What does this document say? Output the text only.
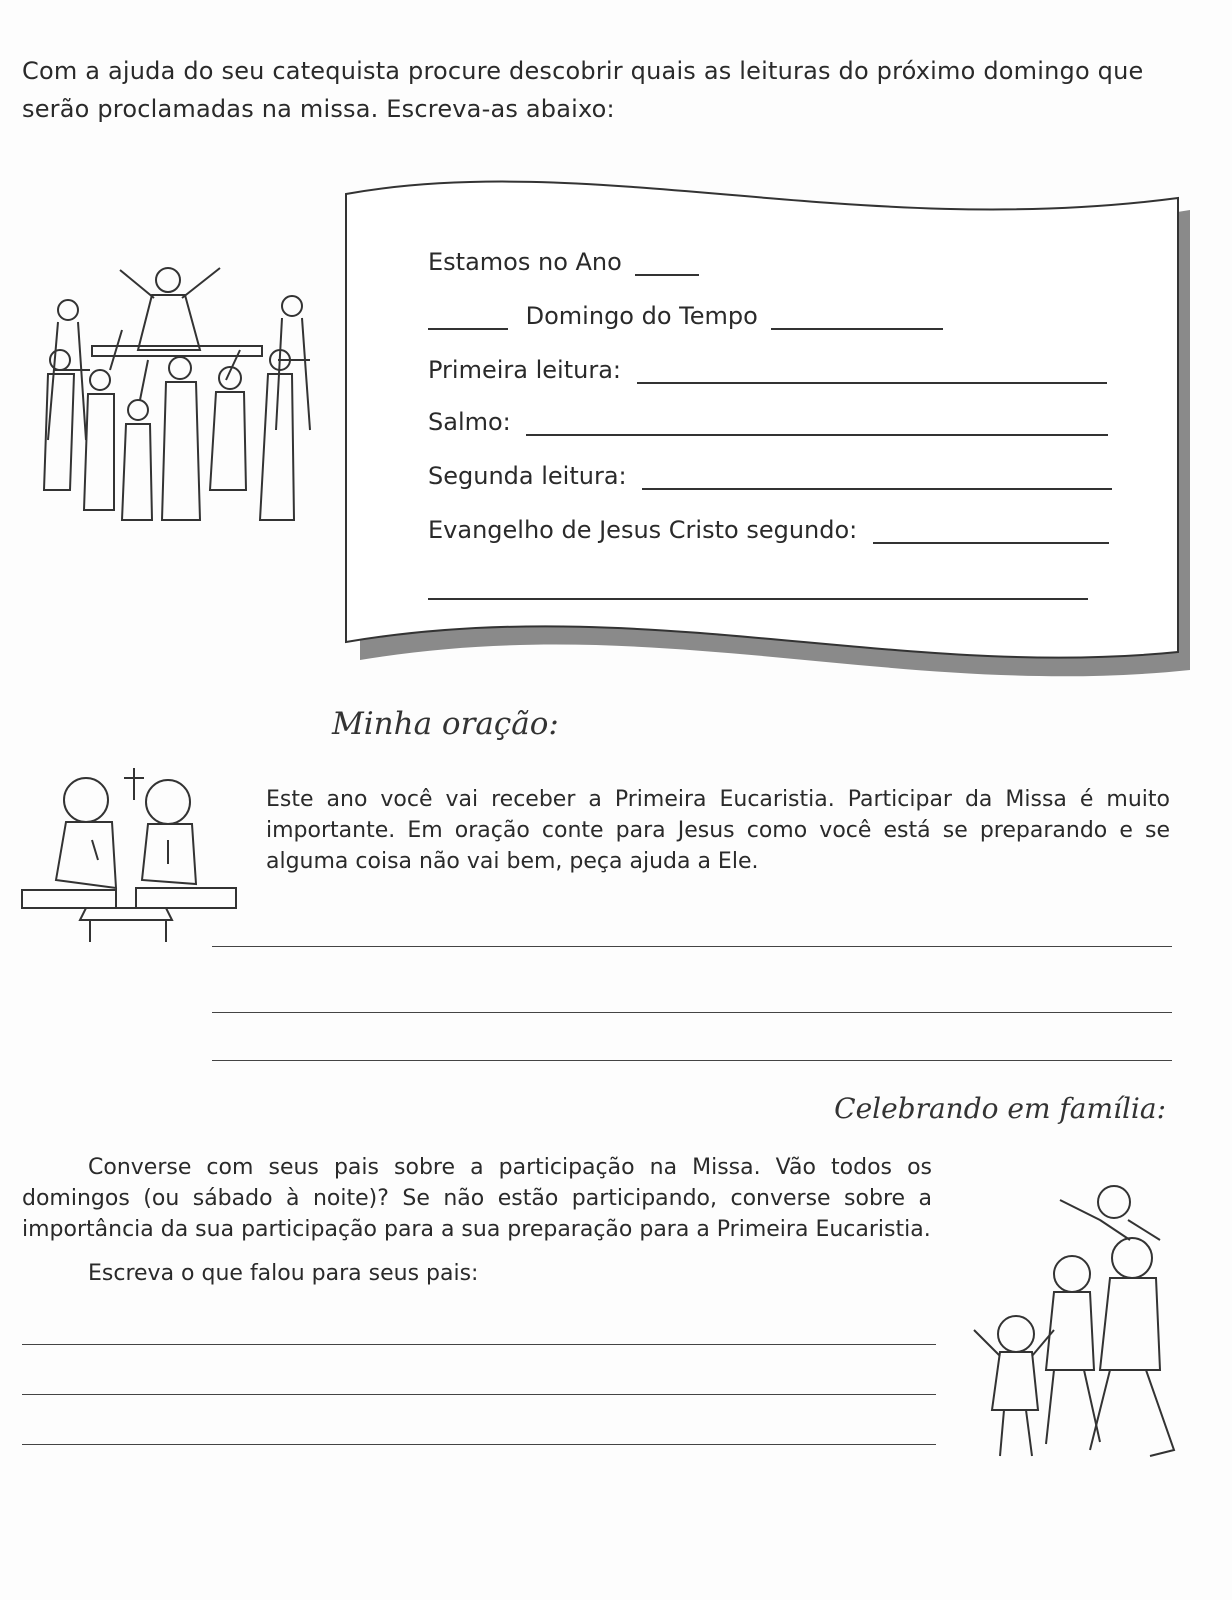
Com a ajuda do seu catequista procure descobrir quais as leituras do próximo domingo que serão proclamadas na missa. Escreva-as abaixo:
Estamos no Ano
Domingo do Tempo
Primeira leitura:
Salmo:
Segunda leitura:
Evangelho de Jesus Cristo segundo:
Minha oração:
Este ano você vai receber a Primeira Eucaristia. Participar da Missa é muito importante. Em oração conte para Jesus como você está se preparando e se alguma coisa não vai bem, peça ajuda a Ele.
Celebrando em família:
Converse com seus pais sobre a participação na Missa. Vão todos os domingos (ou sábado à noite)? Se não estão participando, converse sobre a importância da sua participação para a sua preparação para a Primeira Eucaristia.
Escreva o que falou para seus pais:
